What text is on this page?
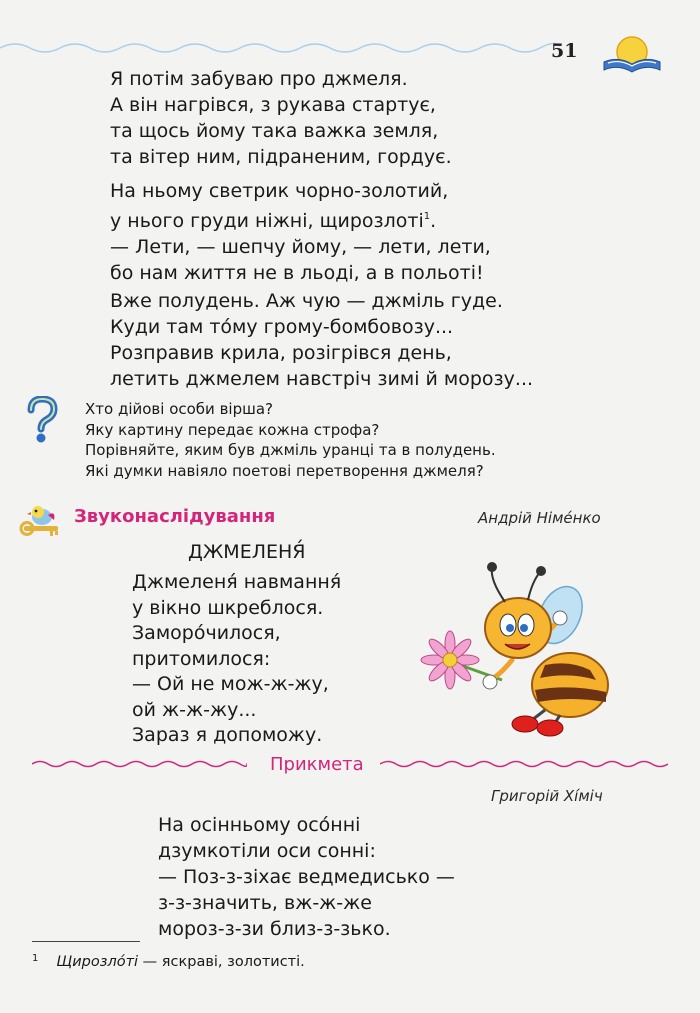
51
Я потім забуваю про джмеля.
А він нагрівся, з рукава стартує,
та щось йому така важка земля,
та вітер ним, підраненим, гордує.
На ньому светрик чорно-золотий,
у нього груди ніжні, щирозлоті$^1$.
— Лети, — шепчу йому, — лети, лети,
бо нам життя не в льоді, а в польоті!
Вже полудень. Аж чую — джміль гуде.
Куди там то́му грому-бомбовозу...
Розправив крила, розігрівся день,
летить джмелем навстріч зимі й морозу...
Хто дійові особи вірша?
Яку картину передає кожна строфа?
Порівняйте, яким був джміль уранці та в полудень.
Які думки навіяло поетові перетворення джмеля?
Звуконаслідування	Андрій Німе́нко
ДЖМЕЛЕНЯ́
Джмеленя́ навмання́
у вікно шкреблося.
Заморо́чилося,
притомилося:
— Ой не мож-ж-жу,
ой ж-ж-жу...
Зараз я допоможу.
Прикмета
Григорій Хі́міч
На осінньому осо́нні
дзумкотіли оси сонні:
— Поз-з-зіхає ведмедисько —
з-з-значить, вж-ж-же
мороз-з-зи близ-з-зько.
$^1$ Щирозло́ті — яскраві, золотисті.
